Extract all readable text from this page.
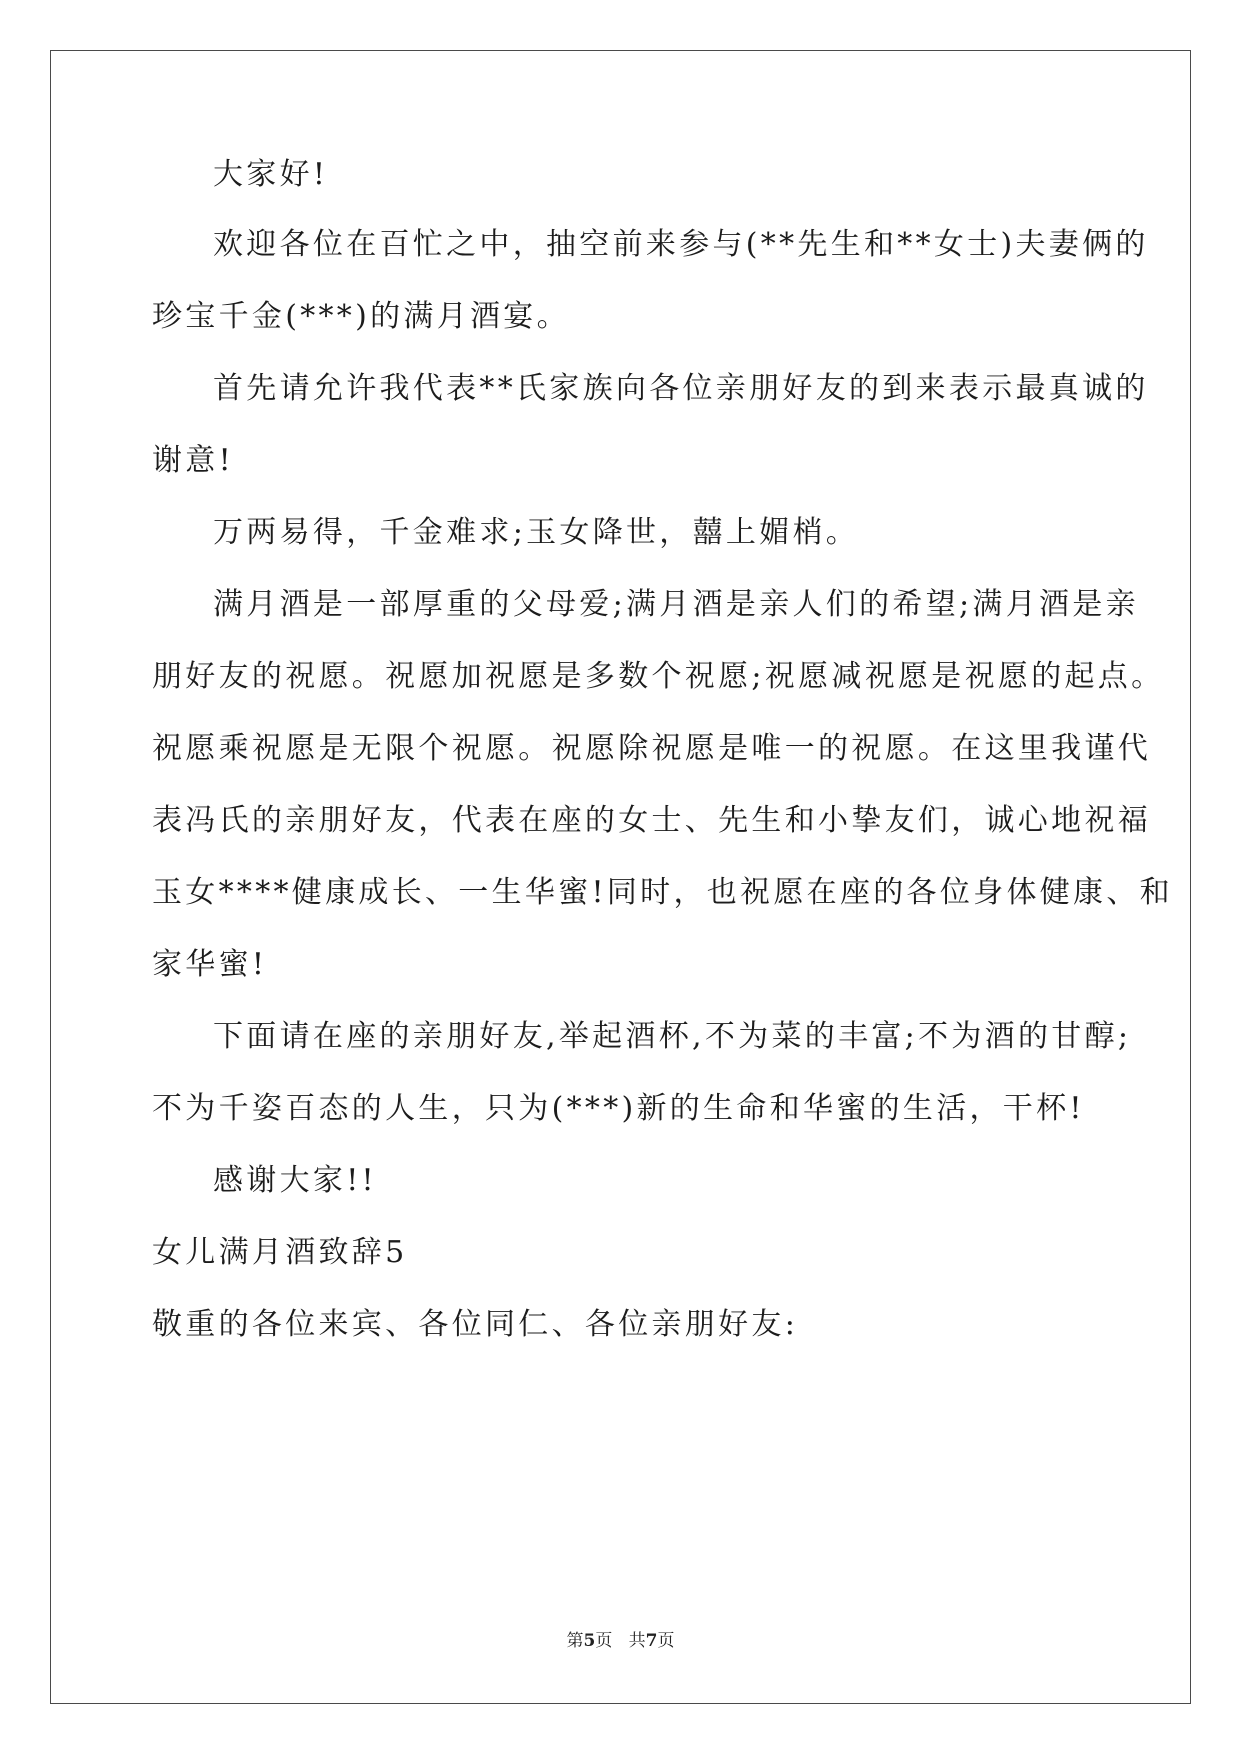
大家好!

欢迎各位在百忙之中，抽空前来参与(**先生和**女士)夫妻俩的

珍宝千金(***)的满月酒宴。

首先请允许我代表**氏家族向各位亲朋好友的到来表示最真诚的

谢意!

万两易得，千金难求;玉女降世，囍上媚梢。

满月酒是一部厚重的父母爱;满月酒是亲人们的希望;满月酒是亲

朋好友的祝愿。祝愿加祝愿是多数个祝愿;祝愿减祝愿是祝愿的起点。

祝愿乘祝愿是无限个祝愿。祝愿除祝愿是唯一的祝愿。在这里我谨代

表冯氏的亲朋好友，代表在座的女士、先生和小挚友们，诚心地祝福

玉女****健康成长、一生华蜜!同时，也祝愿在座的各位身体健康、和

家华蜜!

下面请在座的亲朋好友,举起酒杯,不为菜的丰富;不为酒的甘醇;

不为千姿百态的人生，只为(***)新的生命和华蜜的生活，干杯!

感谢大家!!

女儿满月酒致辞5

敬重的各位来宾、各位同仁、各位亲朋好友:

第5页 共7页
